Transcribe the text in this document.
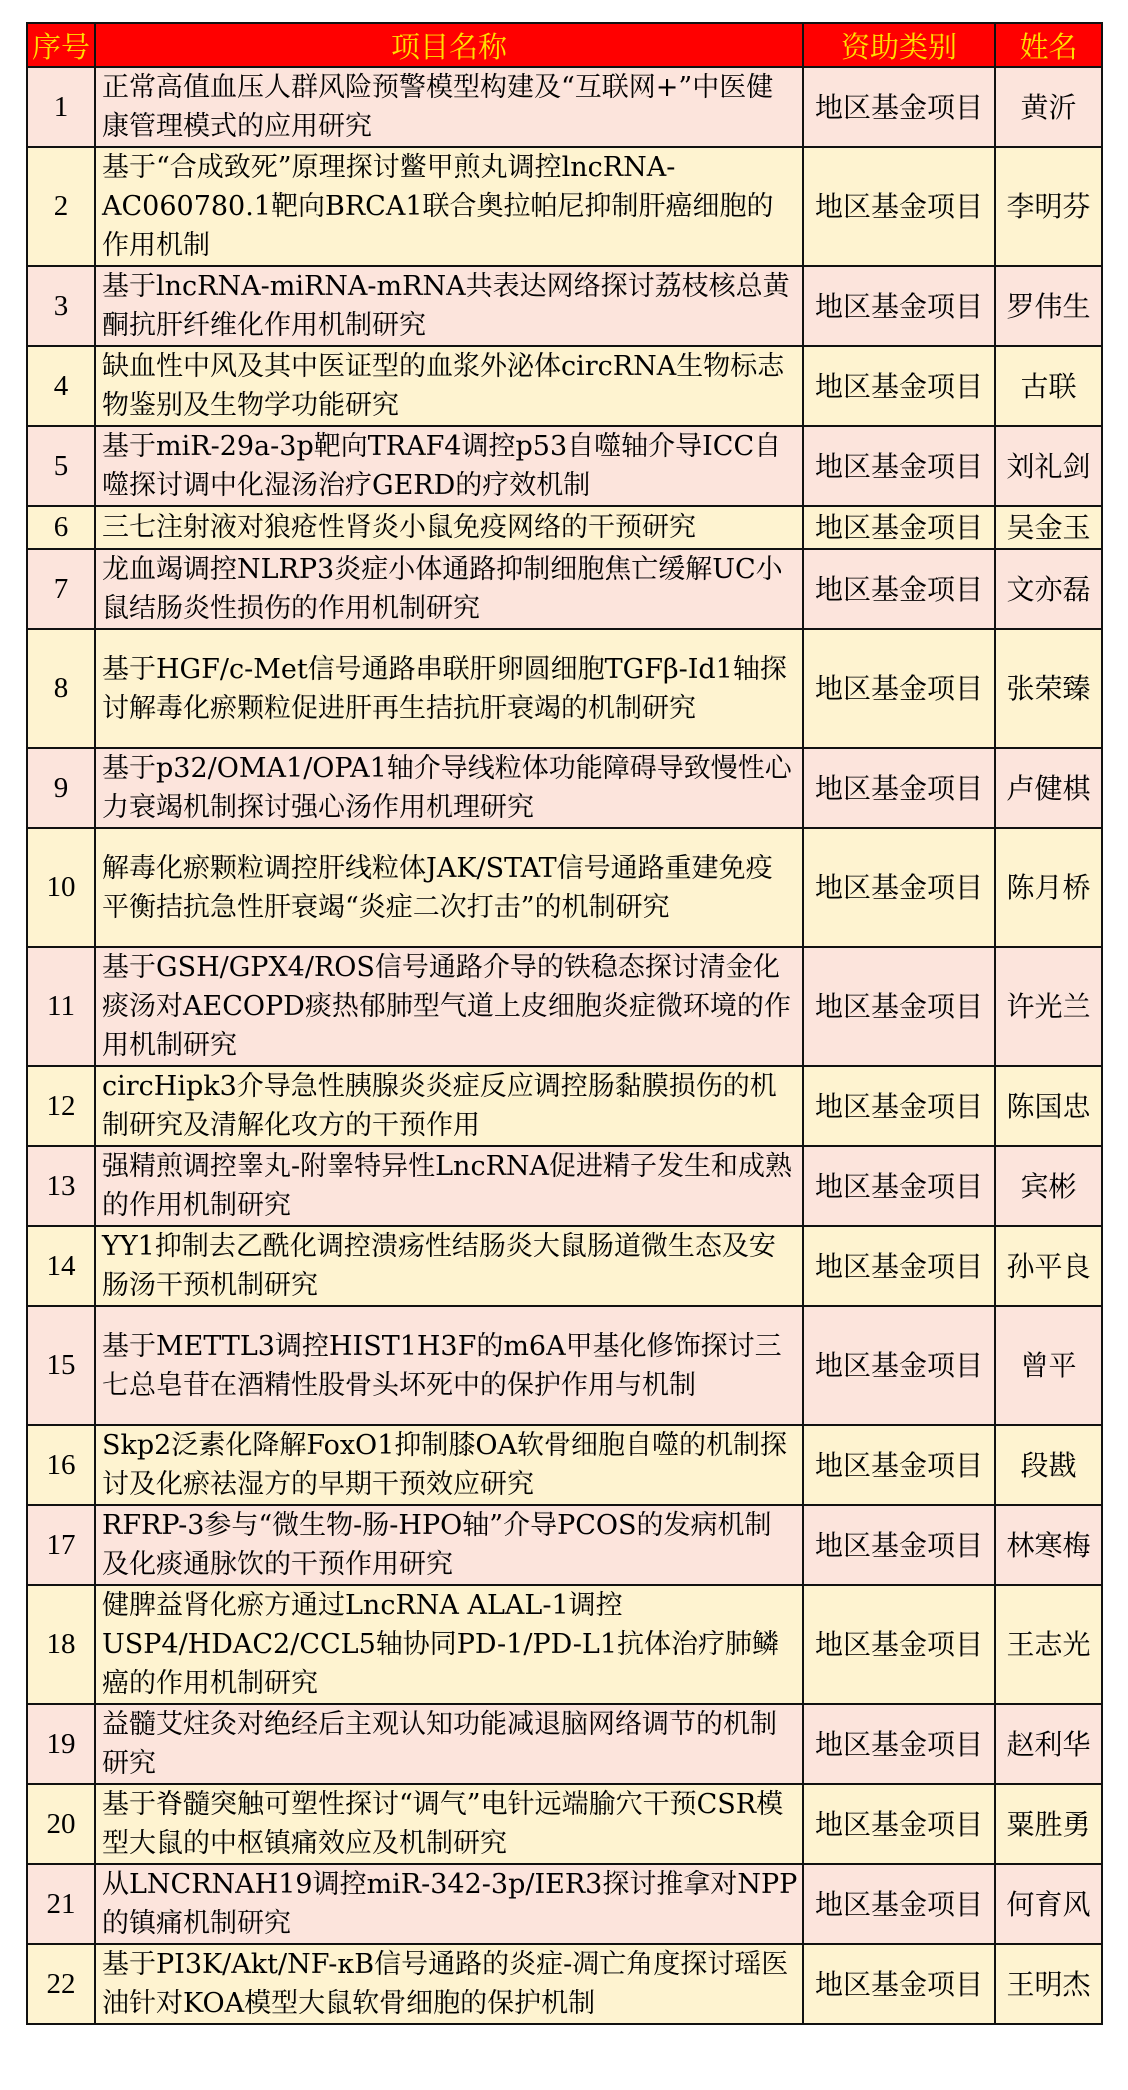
序号	项目名称	资助类别	姓名
1	正常高值血压人群风险预警模型构建及“互联网+”中医健康管理模式的应用研究	地区基金项目	黄沂
2	基于“合成致死”原理探讨鳖甲煎丸调控lncRNA-AC060780.1靶向BRCA1联合奥拉帕尼抑制肝癌细胞的作用机制	地区基金项目	李明芬
3	基于lncRNA-miRNA-mRNA共表达网络探讨荔枝核总黄酮抗肝纤维化作用机制研究	地区基金项目	罗伟生
4	缺血性中风及其中医证型的血浆外泌体circRNA生物标志物鉴别及生物学功能研究	地区基金项目	古联
5	基于miR-29a-3p靶向TRAF4调控p53自噬轴介导ICC自噬探讨调中化湿汤治疗GERD的疗效机制	地区基金项目	刘礼剑
6	三七注射液对狼疮性肾炎小鼠免疫网络的干预研究	地区基金项目	吴金玉
7	龙血竭调控NLRP3炎症小体通路抑制细胞焦亡缓解UC小鼠结肠炎性损伤的作用机制研究	地区基金项目	文亦磊
8	基于HGF/c-Met信号通路串联肝卵圆细胞TGFβ-Id1轴探讨解毒化瘀颗粒促进肝再生拮抗肝衰竭的机制研究	地区基金项目	张荣臻
9	基于p32/OMA1/OPA1轴介导线粒体功能障碍导致慢性心力衰竭机制探讨强心汤作用机理研究	地区基金项目	卢健棋
10	解毒化瘀颗粒调控肝线粒体JAK/STAT信号通路重建免疫平衡拮抗急性肝衰竭“炎症二次打击”的机制研究	地区基金项目	陈月桥
11	基于GSH/GPX4/ROS信号通路介导的铁稳态探讨清金化痰汤对AECOPD痰热郁肺型气道上皮细胞炎症微环境的作用机制研究	地区基金项目	许光兰
12	circHipk3介导急性胰腺炎炎症反应调控肠黏膜损伤的机制研究及清解化攻方的干预作用	地区基金项目	陈国忠
13	强精煎调控睾丸-附睾特异性LncRNA促进精子发生和成熟的作用机制研究	地区基金项目	宾彬
14	YY1抑制去乙酰化调控溃疡性结肠炎大鼠肠道微生态及安肠汤干预机制研究	地区基金项目	孙平良
15	基于METTL3调控HIST1H3F的m6A甲基化修饰探讨三七总皂苷在酒精性股骨头坏死中的保护作用与机制	地区基金项目	曾平
16	Skp2泛素化降解FoxO1抑制膝OA软骨细胞自噬的机制探讨及化瘀祛湿方的早期干预效应研究	地区基金项目	段戡
17	RFRP-3参与“微生物-肠-HPO轴”介导PCOS的发病机制及化痰通脉饮的干预作用研究	地区基金项目	林寒梅
18	健脾益肾化瘀方通过LncRNA ALAL-1调控USP4/HDAC2/CCL5轴协同PD-1/PD-L1抗体治疗肺鳞癌的作用机制研究	地区基金项目	王志光
19	益髓艾炷灸对绝经后主观认知功能减退脑网络调节的机制研究	地区基金项目	赵利华
20	基于脊髓突触可塑性探讨“调气”电针远端腧穴干预CSR模型大鼠的中枢镇痛效应及机制研究	地区基金项目	粟胜勇
21	从LNCRNAH19调控miR-342-3p/IER3探讨推拿对NPP的镇痛机制研究	地区基金项目	何育风
22	基于PI3K/Akt/NF-κB信号通路的炎症-凋亡角度探讨瑶医油针对KOA模型大鼠软骨细胞的保护机制	地区基金项目	王明杰
